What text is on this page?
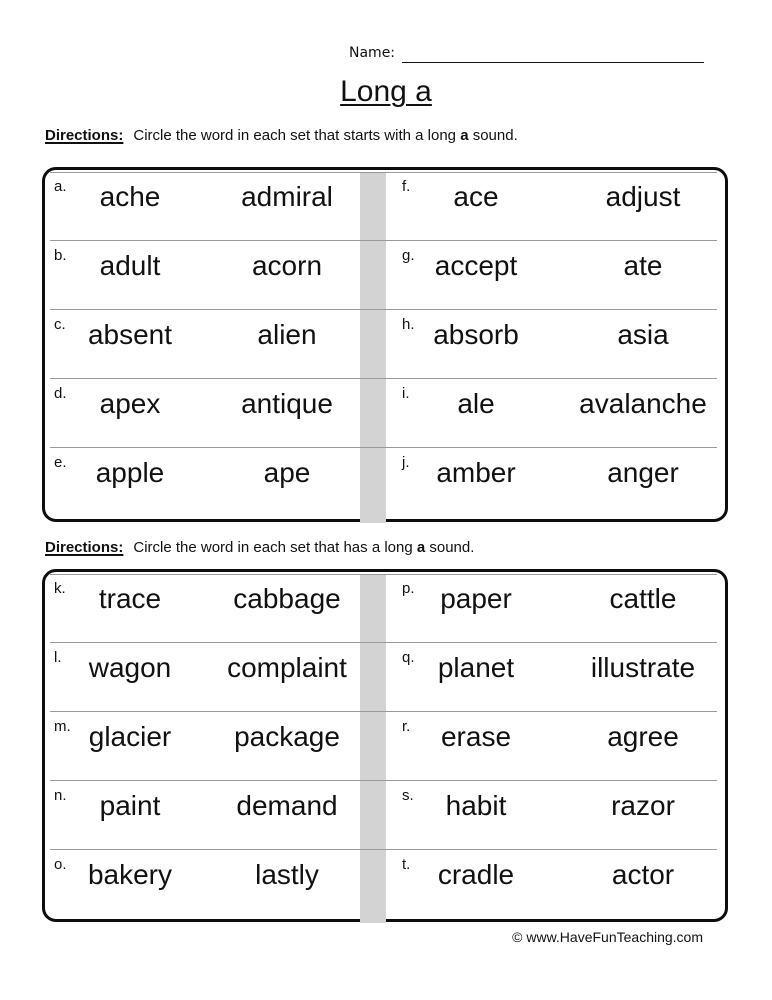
Name:
Long a
Directions: Circle the word in each set that starts with a long a sound.
a.	ache	admiral	f.	ace	adjust
b.	adult	acorn	g. accept	ate
c. absent	alien	h. absorb	asia
d.	apex	antique	i.	ale	avalanche
e.	apple	ape	j. amber	anger
Directions: Circle the word in each set that has a long a sound.
k.	trace	cabbage	p. paper	cattle
l. wagon	complaint	q. planet	illustrate
m. glacier	package	r.	erase	agree
n.	paint	demand	s.	habit	razor
o. bakery	lastly	t. cradle	actor
© www.HaveFunTeaching.com
